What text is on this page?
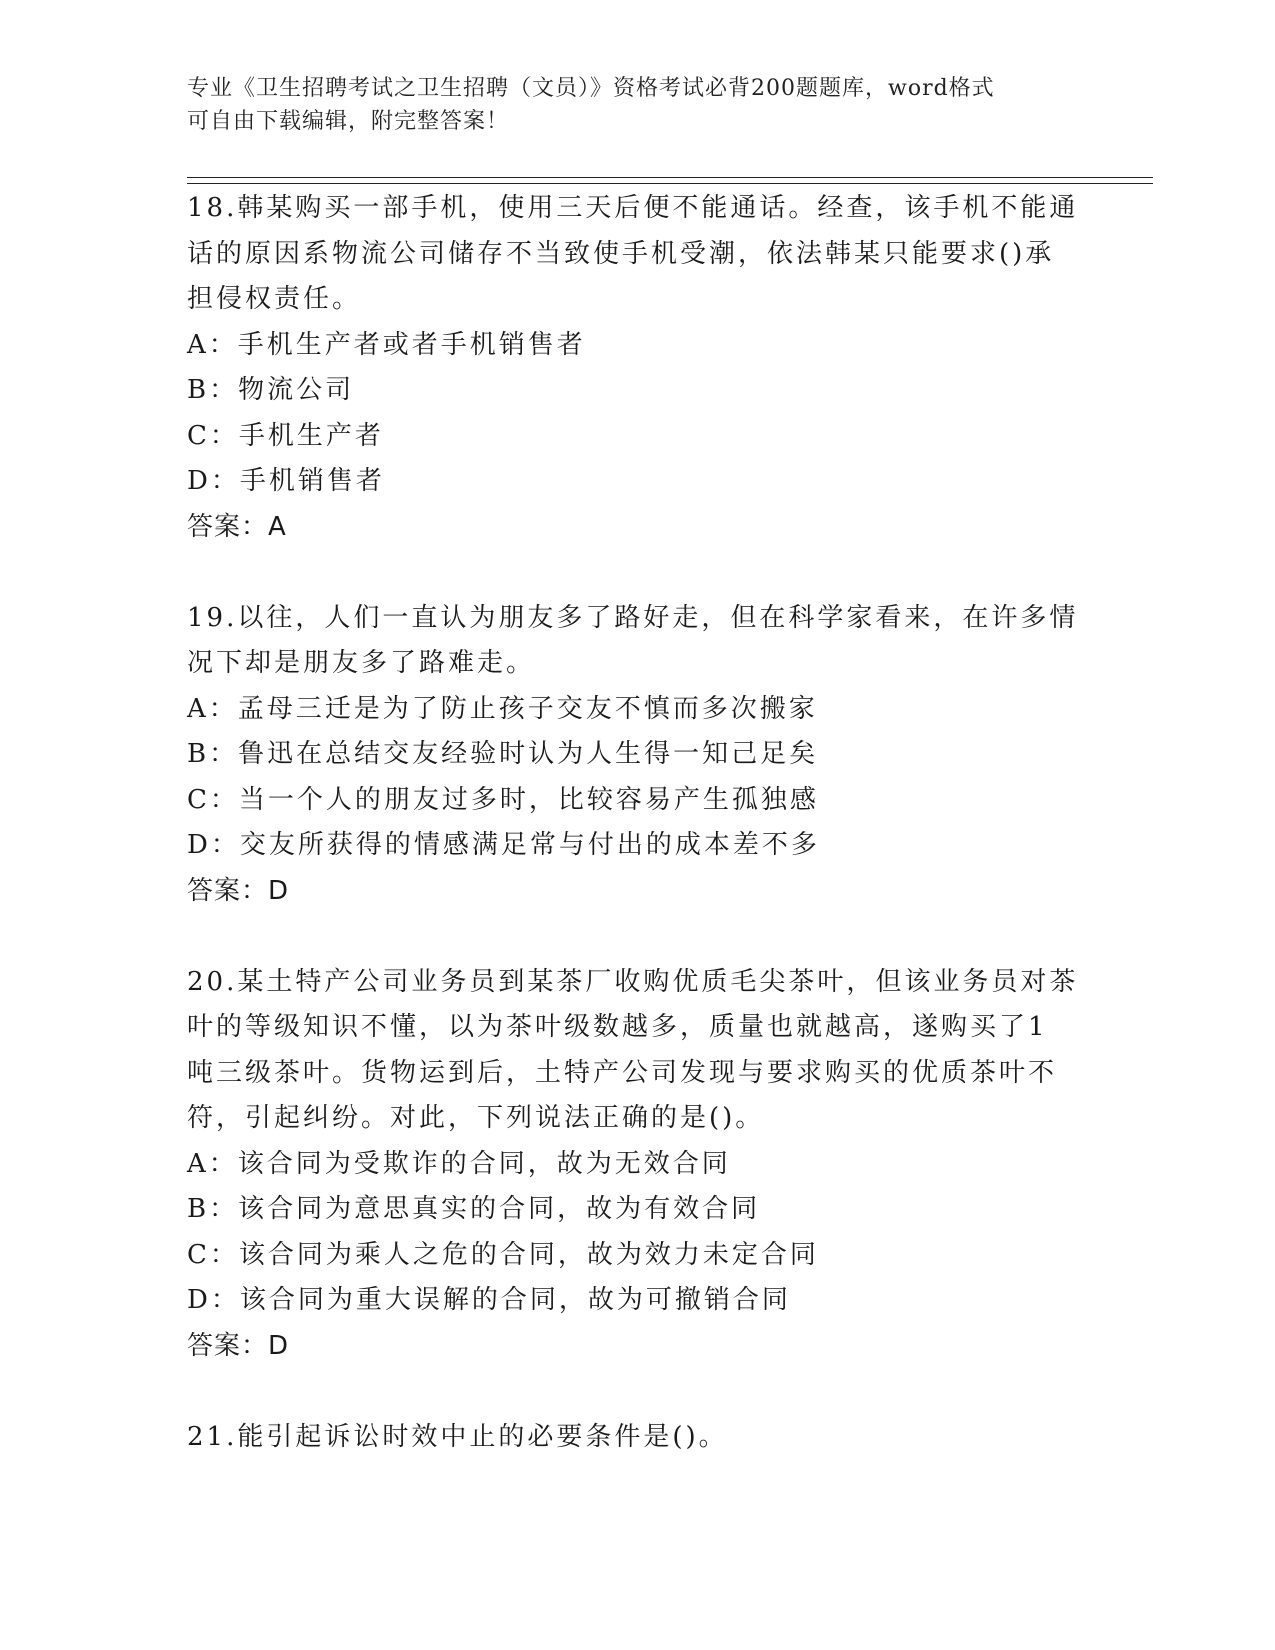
专业《卫生招聘考试之卫生招聘（文员）》资格考试必背200题题库，word格式
可自由下载编辑，附完整答案！

18.韩某购买一部手机，使用三天后便不能通话。经查，该手机不能通

话的原因系物流公司储存不当致使手机受潮，依法韩某只能要求()承

担侵权责任。

A：手机生产者或者手机销售者

B：物流公司

C：手机生产者

D：手机销售者

答案：A

19.以往，人们一直认为朋友多了路好走，但在科学家看来，在许多情

况下却是朋友多了路难走。

A：孟母三迁是为了防止孩子交友不慎而多次搬家

B：鲁迅在总结交友经验时认为人生得一知己足矣

C：当一个人的朋友过多时，比较容易产生孤独感

D：交友所获得的情感满足常与付出的成本差不多

答案：D

20.某土特产公司业务员到某茶厂收购优质毛尖茶叶，但该业务员对茶

叶的等级知识不懂，以为茶叶级数越多，质量也就越高，遂购买了1

吨三级茶叶。货物运到后，土特产公司发现与要求购买的优质茶叶不

符，引起纠纷。对此，下列说法正确的是()。

A：该合同为受欺诈的合同，故为无效合同

B：该合同为意思真实的合同，故为有效合同

C：该合同为乘人之危的合同，故为效力未定合同

D：该合同为重大误解的合同，故为可撤销合同

答案：D

21.能引起诉讼时效中止的必要条件是()。
